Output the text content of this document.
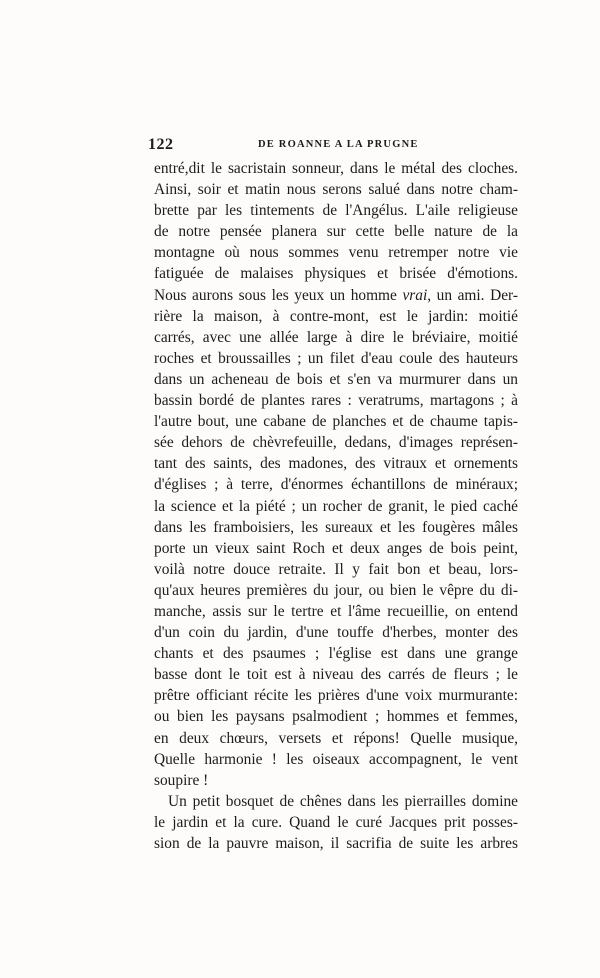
122	DE ROANNE A LA PRUGNE
entré,dit le sacristain sonneur, dans le métal des cloches.
Ainsi, soir et matin nous serons salué dans notre cham-
brette par les tintements de l'Angélus. L'aile religieuse
de notre pensée planera sur cette belle nature de la
montagne où nous sommes venu retremper notre vie
fatiguée de malaises physiques et brisée d'émotions.
Nous aurons sous les yeux un homme vrai, un ami. Der-
rière la maison, à contre-mont, est le jardin: moitié
carrés, avec une allée large à dire le bréviaire, moitié
roches et broussailles ; un filet d'eau coule des hauteurs
dans un acheneau de bois et s'en va murmurer dans un
bassin bordé de plantes rares : veratrums, martagons ; à
l'autre bout, une cabane de planches et de chaume tapis-
sée dehors de chèvrefeuille, dedans, d'images représen-
tant des saints, des madones, des vitraux et ornements
d'églises ; à terre, d'énormes échantillons de minéraux;
la science et la piété ; un rocher de granit, le pied caché
dans les framboisiers, les sureaux et les fougères mâles
porte un vieux saint Roch et deux anges de bois peint,
voilà notre douce retraite. Il y fait bon et beau, lors-
qu'aux heures premières du jour, ou bien le vêpre du di-
manche, assis sur le tertre et l'âme recueillie, on entend
d'un coin du jardin, d'une touffe d'herbes, monter des
chants et des psaumes ; l'église est dans une grange
basse dont le toit est à niveau des carrés de fleurs ; le
prêtre officiant récite les prières d'une voix murmurante:
ou bien les paysans psalmodient ; hommes et femmes,
en deux chœurs, versets et répons! Quelle musique,
Quelle harmonie ! les oiseaux accompagnent, le vent
soupire !
Un petit bosquet de chênes dans les pierrailles domine
le jardin et la cure. Quand le curé Jacques prit posses-
sion de la pauvre maison, il sacrifia de suite les arbres
